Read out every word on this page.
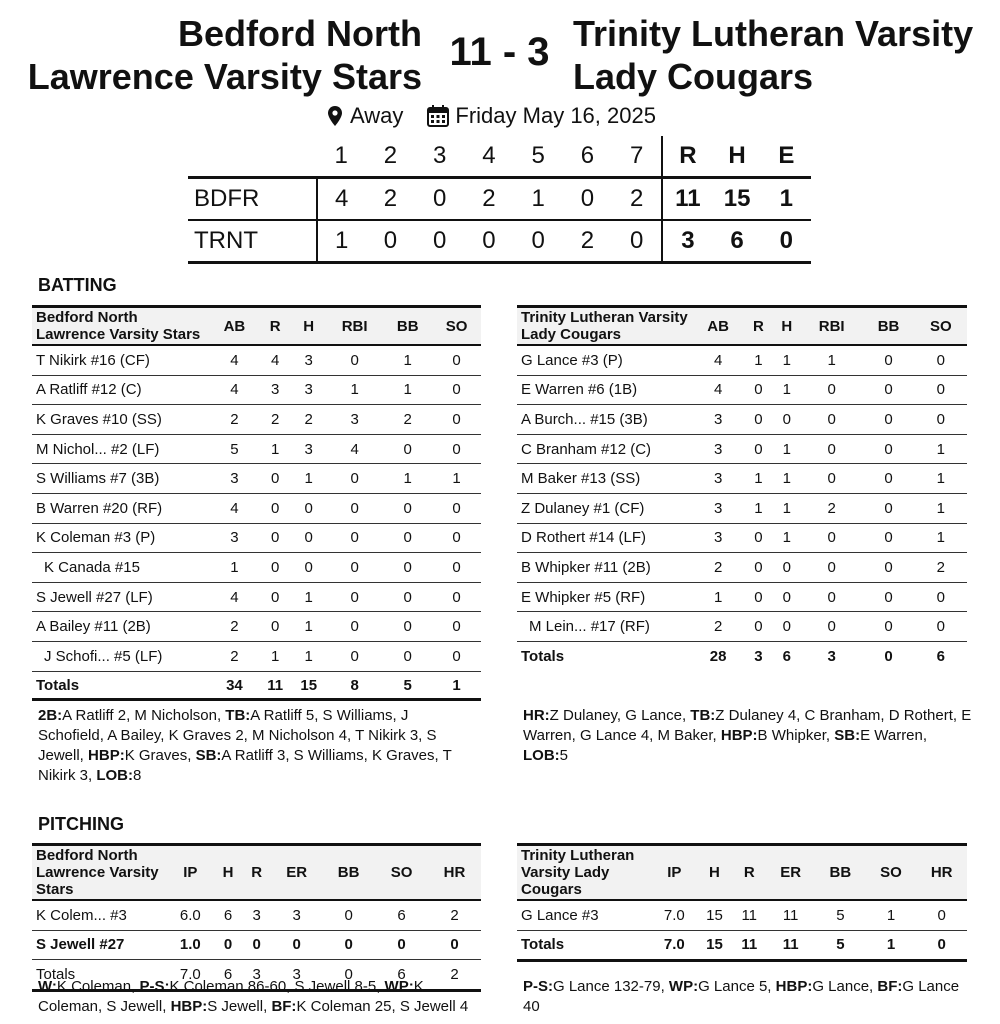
Bedford North
Lawrence Varsity Stars
11 - 3 Trinity Lutheran Varsity
Lady Cougars
Away Friday May 16, 2025
	1	2	3	4	5	6	7	R	H	E
BDFR	4	2	0	2	1	0	2	11	15	1
TRNT	1	0	0	0	0	2	0	3	6	0
BATTING
Bedford North Lawrence Varsity Stars	AB	R	H	RBI	BB	SO
T Nikirk #16 (CF)	4	4	3	0	1	0
A Ratliff #12 (C)	4	3	3	1	1	0
K Graves #10 (SS)	2	2	2	3	2	0
M Nichol... #2 (LF)	5	1	3	4	0	0
S Williams #7 (3B)	3	0	1	0	1	1
B Warren #20 (RF)	4	0	0	0	0	0
K Coleman #3 (P)	3	0	0	0	0	0
K Canada #15	1	0	0	0	0	0
S Jewell #27 (LF)	4	0	1	0	0	0
A Bailey #11 (2B)	2	0	1	0	0	0
J Schofi... #5 (LF)	2	1	1	0	0	0
Totals	34	11	15	8	5	1
Trinity Lutheran Varsity Lady Cougars	AB	R	H	RBI	BB	SO
G Lance #3 (P)	4	1	1	1	0	0
E Warren #6 (1B)	4	0	1	0	0	0
A Burch... #15 (3B)	3	0	0	0	0	0
C Branham #12 (C)	3	0	1	0	0	1
M Baker #13 (SS)	3	1	1	0	0	1
Z Dulaney #1 (CF)	3	1	1	2	0	1
D Rothert #14 (LF)	3	0	1	0	0	1
B Whipker #11 (2B)	2	0	0	0	0	2
E Whipker #5 (RF)	1	0	0	0	0	0
M Lein... #17 (RF)	2	0	0	0	0	0
Totals	28	3	6	3	0	6
2B:A Ratliff 2, M Nicholson, TB:A Ratliff 5, S Williams, J Schofield, A Bailey, K Graves 2, M Nicholson 4, T Nikirk 3, S Jewell, HBP:K Graves, SB:A Ratliff 3, S Williams, K Graves, T Nikirk 3, LOB:8
HR:Z Dulaney, G Lance, TB:Z Dulaney 4, C Branham, D Rothert, E Warren, G Lance 4, M Baker, HBP:B Whipker, SB:E Warren, LOB:5
PITCHING
Bedford North Lawrence Varsity Stars	IP	H	R	ER	BB	SO	HR
K Colem... #3	6.0	6	3	3	0	6	2
S Jewell #27	1.0	0	0	0	0	0	0
Totals	7.0	6	3	3	0	6	2
Trinity Lutheran Varsity Lady Cougars	IP	H	R	ER	BB	SO	HR
G Lance #3	7.0	15	11	11	5	1	0
Totals	7.0	15	11	11	5	1	0
W:K Coleman, P-S:K Coleman 86-60, S Jewell 8-5, WP:K Coleman, S Jewell, HBP:S Jewell, BF:K Coleman 25, S Jewell 4
P-S:G Lance 132-79, WP:G Lance 5, HBP:G Lance, BF:G Lance 40
